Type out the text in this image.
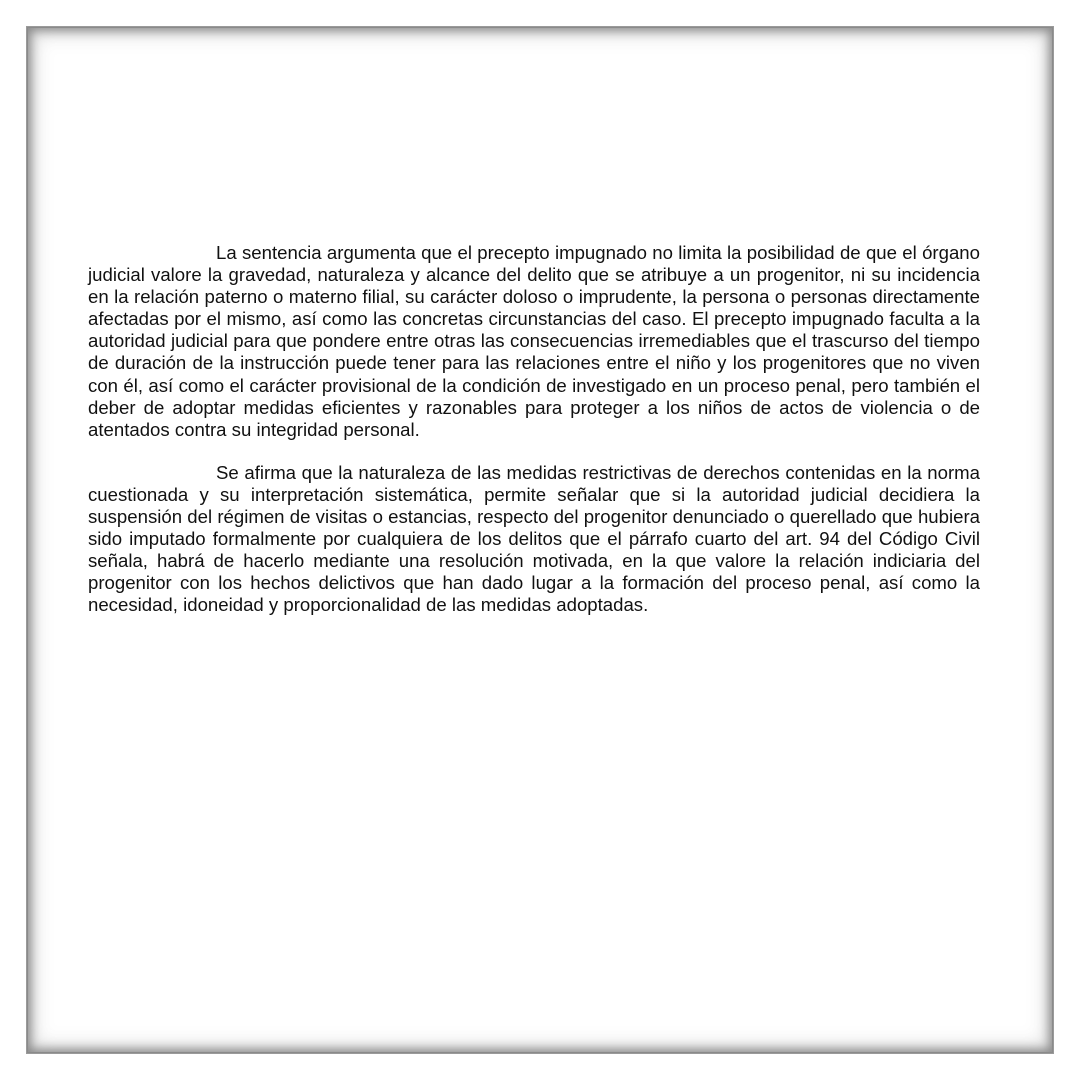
La sentencia argumenta que el precepto impugnado no limita la posibilidad de que el órgano judicial valore la gravedad, naturaleza y alcance del delito que se atribuye a un progenitor, ni su incidencia en la relación paterno o materno filial, su carácter doloso o imprudente, la persona o personas directamente afectadas por el mismo, así como las concretas circunstancias del caso. El precepto impugnado faculta a la autoridad judicial para que pondere entre otras las consecuencias irremediables que el trascurso del tiempo de duración de la instrucción puede tener para las relaciones entre el niño y los progenitores que no viven con él, así como el carácter provisional de la condición de investigado en un proceso penal, pero también el deber de adoptar medidas eficientes y razonables para proteger a los niños de actos de violencia o de atentados contra su integridad personal.

Se afirma que la naturaleza de las medidas restrictivas de derechos contenidas en la norma cuestionada y su interpretación sistemática, permite señalar que si la autoridad judicial decidiera la suspensión del régimen de visitas o estancias, respecto del progenitor denunciado o querellado que hubiera sido imputado formalmente por cualquiera de los delitos que el párrafo cuarto del art. 94 del Código Civil señala, habrá de hacerlo mediante una resolución motivada, en la que valore la relación indiciaria del progenitor con los hechos delictivos que han dado lugar a la formación del proceso penal, así como la necesidad, idoneidad y proporcionalidad de las medidas adoptadas.
